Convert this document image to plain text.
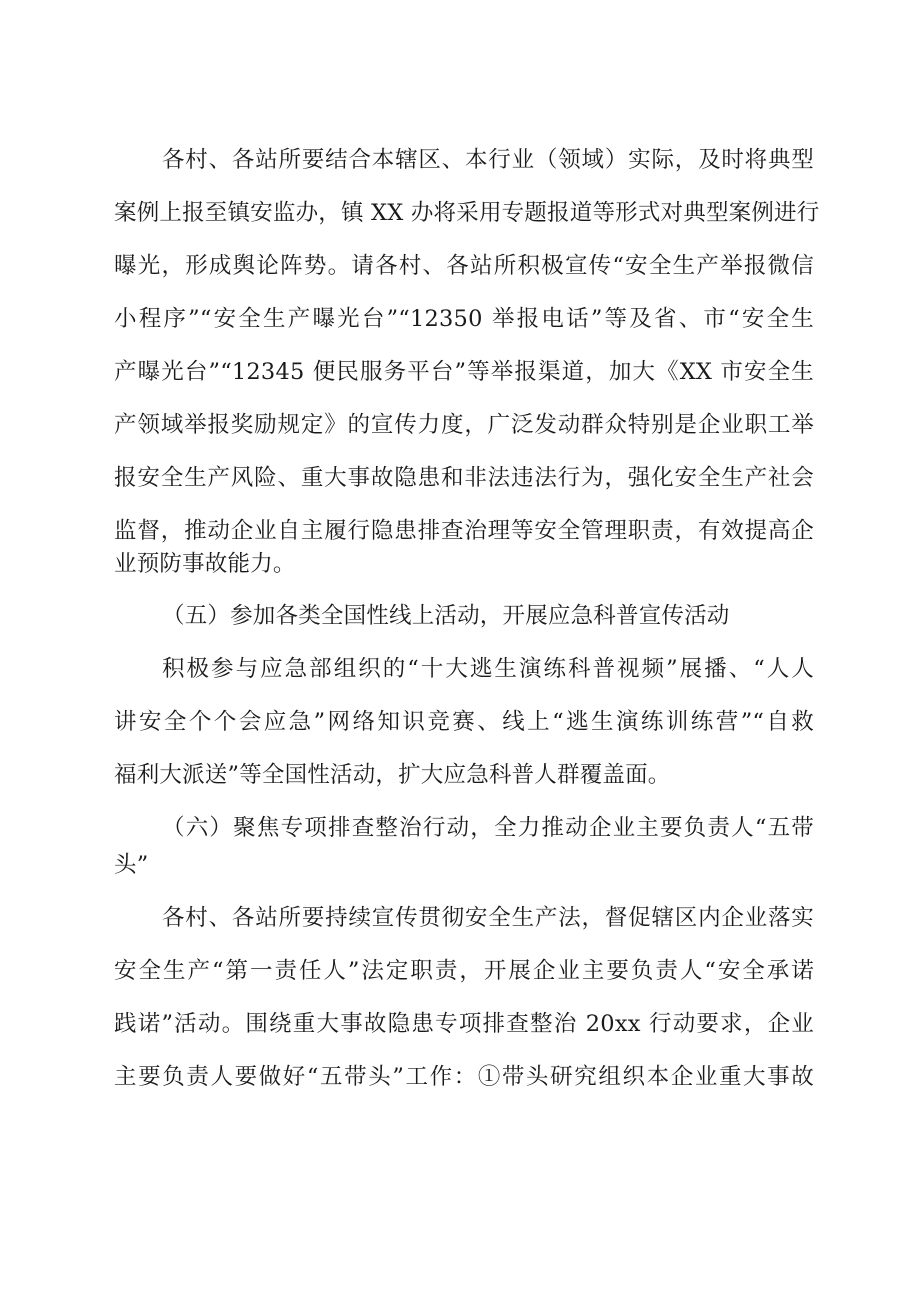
各村、各站所要结合本辖区、本行业（领域）实际，及时将典型
案例上报至镇安监办，镇 XX 办将采用专题报道等形式对典型案例进行
曝光，形成舆论阵势。请各村、各站所积极宣传“安全生产举报微信
小程序”“安全生产曝光台”“12350 举报电话”等及省、市“安全生
产曝光台”“12345 便民服务平台”等举报渠道，加大《XX 市安全生
产领域举报奖励规定》的宣传力度，广泛发动群众特别是企业职工举
报安全生产风险、重大事故隐患和非法违法行为，强化安全生产社会
监督，推动企业自主履行隐患排查治理等安全管理职责，有效提高企
业预防事故能力。
（五）参加各类全国性线上活动，开展应急科普宣传活动
积极参与应急部组织的“十大逃生演练科普视频”展播、“人人
讲安全个个会应急”网络知识竞赛、线上“逃生演练训练营”“自救
福利大派送”等全国性活动，扩大应急科普人群覆盖面。
（六）聚焦专项排查整治行动，全力推动企业主要负责人“五带
头”
各村、各站所要持续宣传贯彻安全生产法，督促辖区内企业落实
安全生产“第一责任人”法定职责，开展企业主要负责人“安全承诺
践诺”活动。围绕重大事故隐患专项排查整治 20xx 行动要求，企业
主要负责人要做好“五带头”工作：①带头研究组织本企业重大事故
